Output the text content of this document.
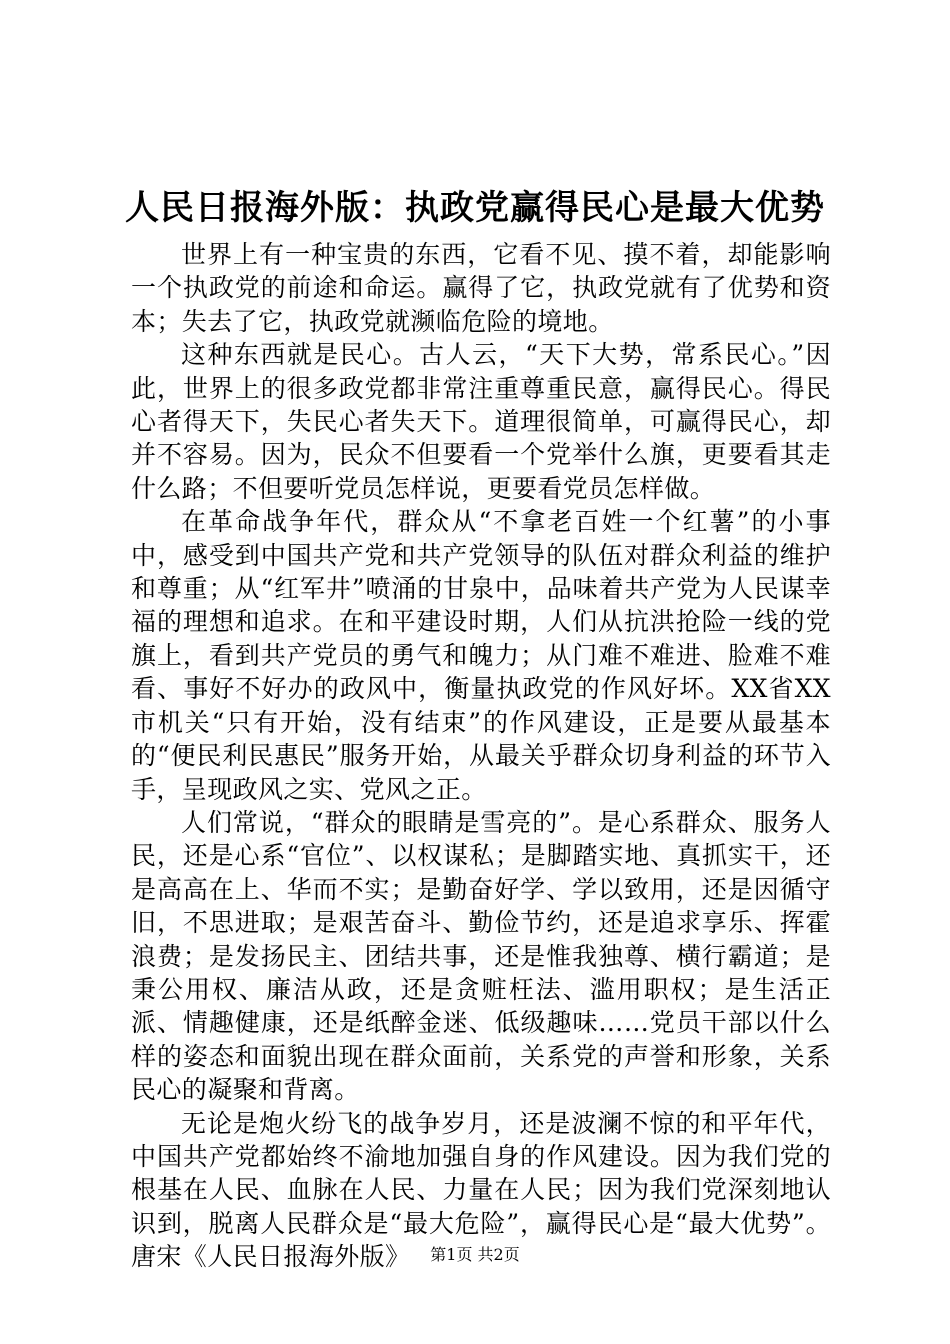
人民日报海外版：执政党赢得民心是最大优势

世界上有一种宝贵的东西，它看不见、摸不着，却能影响一个执政党的前途和命运。赢得了它，执政党就有了优势和资本；失去了它，执政党就濒临危险的境地。

这种东西就是民心。古人云，“天下大势，常系民心。”因此，世界上的很多政党都非常注重尊重民意，赢得民心。得民心者得天下，失民心者失天下。道理很简单，可赢得民心，却并不容易。因为，民众不但要看一个党举什么旗，更要看其走什么路；不但要听党员怎样说，更要看党员怎样做。

在革命战争年代，群众从“不拿老百姓一个红薯”的小事中，感受到中国共产党和共产党领导的队伍对群众利益的维护和尊重；从“红军井”喷涌的甘泉中，品味着共产党为人民谋幸福的理想和追求。在和平建设时期，人们从抗洪抢险一线的党旗上，看到共产党员的勇气和魄力；从门难不难进、脸难不难看、事好不好办的政风中，衡量执政党的作风好坏。XX省XX市机关“只有开始，没有结束”的作风建设，正是要从最基本的“便民利民惠民”服务开始，从最关乎群众切身利益的环节入手，呈现政风之实、党风之正。

人们常说，“群众的眼睛是雪亮的”。是心系群众、服务人民，还是心系“官位”、以权谋私；是脚踏实地、真抓实干，还是高高在上、华而不实；是勤奋好学、学以致用，还是因循守旧，不思进取；是艰苦奋斗、勤俭节约，还是追求享乐、挥霍浪费；是发扬民主、团结共事，还是惟我独尊、横行霸道；是秉公用权、廉洁从政，还是贪赃枉法、滥用职权；是生活正派、情趣健康，还是纸醉金迷、低级趣味……党员干部以什么样的姿态和面貌出现在群众面前，关系党的声誉和形象，关系民心的凝聚和背离。

无论是炮火纷飞的战争岁月，还是波澜不惊的和平年代，中国共产党都始终不渝地加强自身的作风建设。因为我们党的根基在人民、血脉在人民、力量在人民；因为我们党深刻地认识到，脱离人民群众是“最大危险”，赢得民心是“最大优势”。唐宋《人民日报海外版》	第1页 共2页
